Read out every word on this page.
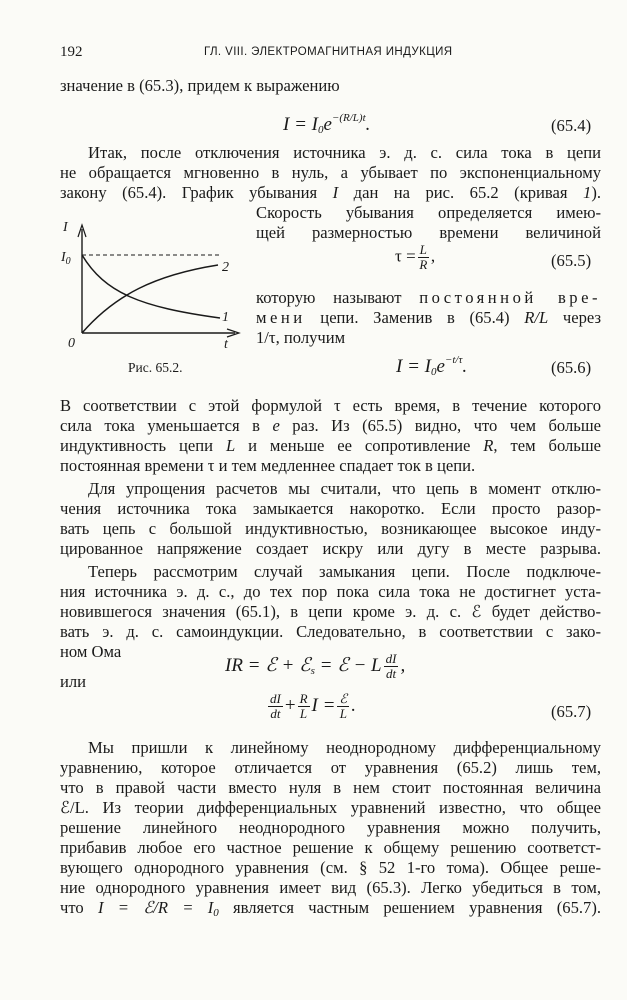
192	ГЛ. VIII. ЭЛЕКТРОМАГНИТНАЯ ИНДУКЦИЯ
значение в (65.3), придем к выражению
$I = I_0e^{-(R/L)t}$.	(65.4)
Итак, после отключения источника э. д. с. сила тока в цепи
не обращается мгновенно в нуль, а убывает по экспоненциальному
закону (65.4). График убывания I дан на рис. 65.2 (кривая 1).
Скорость убывания определяется имею-
щей размерностью времени величиной
I
$I_0$
0	t
2
1
$\tau = \frac{L}{R}$ ,	(65.5)
которую называют постоянной вре-
мени цепи. Заменив в (65.4) R/L через
1/τ, получим
Рис. 65.2.	$I = I_0e^{-t/\tau}$.	(65.6)
В соответствии с этой формулой τ есть время, в течение которого
сила тока уменьшается в e раз. Из (65.5) видно, что чем больше
индуктивность цепи L и меньше ее сопротивление R, тем больше
постоянная времени τ и тем медленнее спадает ток в цепи.
Для упрощения расчетов мы считали, что цепь в момент отклю-
чения источника тока замыкается накоротко. Если просто разор-
вать цепь с большой индуктивностью, возникающее высокое инду-
цированное напряжение создает искру или дугу в месте разрыва.
Теперь рассмотрим случай замыкания цепи. После подключе-
ния источника э. д. с., до тех пор пока сила тока не достигнет уста-
новившегося значения (65.1), в цепи кроме э. д. с. ℰ будет действо-
вать э. д. с. самоиндукции. Следовательно, в соответствии с зако-
ном Ома
IR = ℰ + ℰ$_s$ = ℰ − L $\frac{dI}{dt}$ ,
или
$\frac{dI}{dt} + \frac{R}{L}$ $I = \frac{\text{ℰ}}{L}$ .	(65.7)
Мы пришли к линейному неоднородному дифференциальному
уравнению, которое отличается от уравнения (65.2) лишь тем,
что в правой части вместо нуля в нем стоит постоянная величина
ℰ/L. Из теории дифференциальных уравнений известно, что общее
решение линейного неоднородного уравнения можно получить,
прибавив любое его частное решение к общему решению соответст-
вующего однородного уравнения (см. § 52 1-го тома). Общее реше-
ние однородного уравнения имеет вид (65.3). Легко убедиться в том,
что I = ℰ/R = $I_0$ является частным решением уравнения (65.7).
